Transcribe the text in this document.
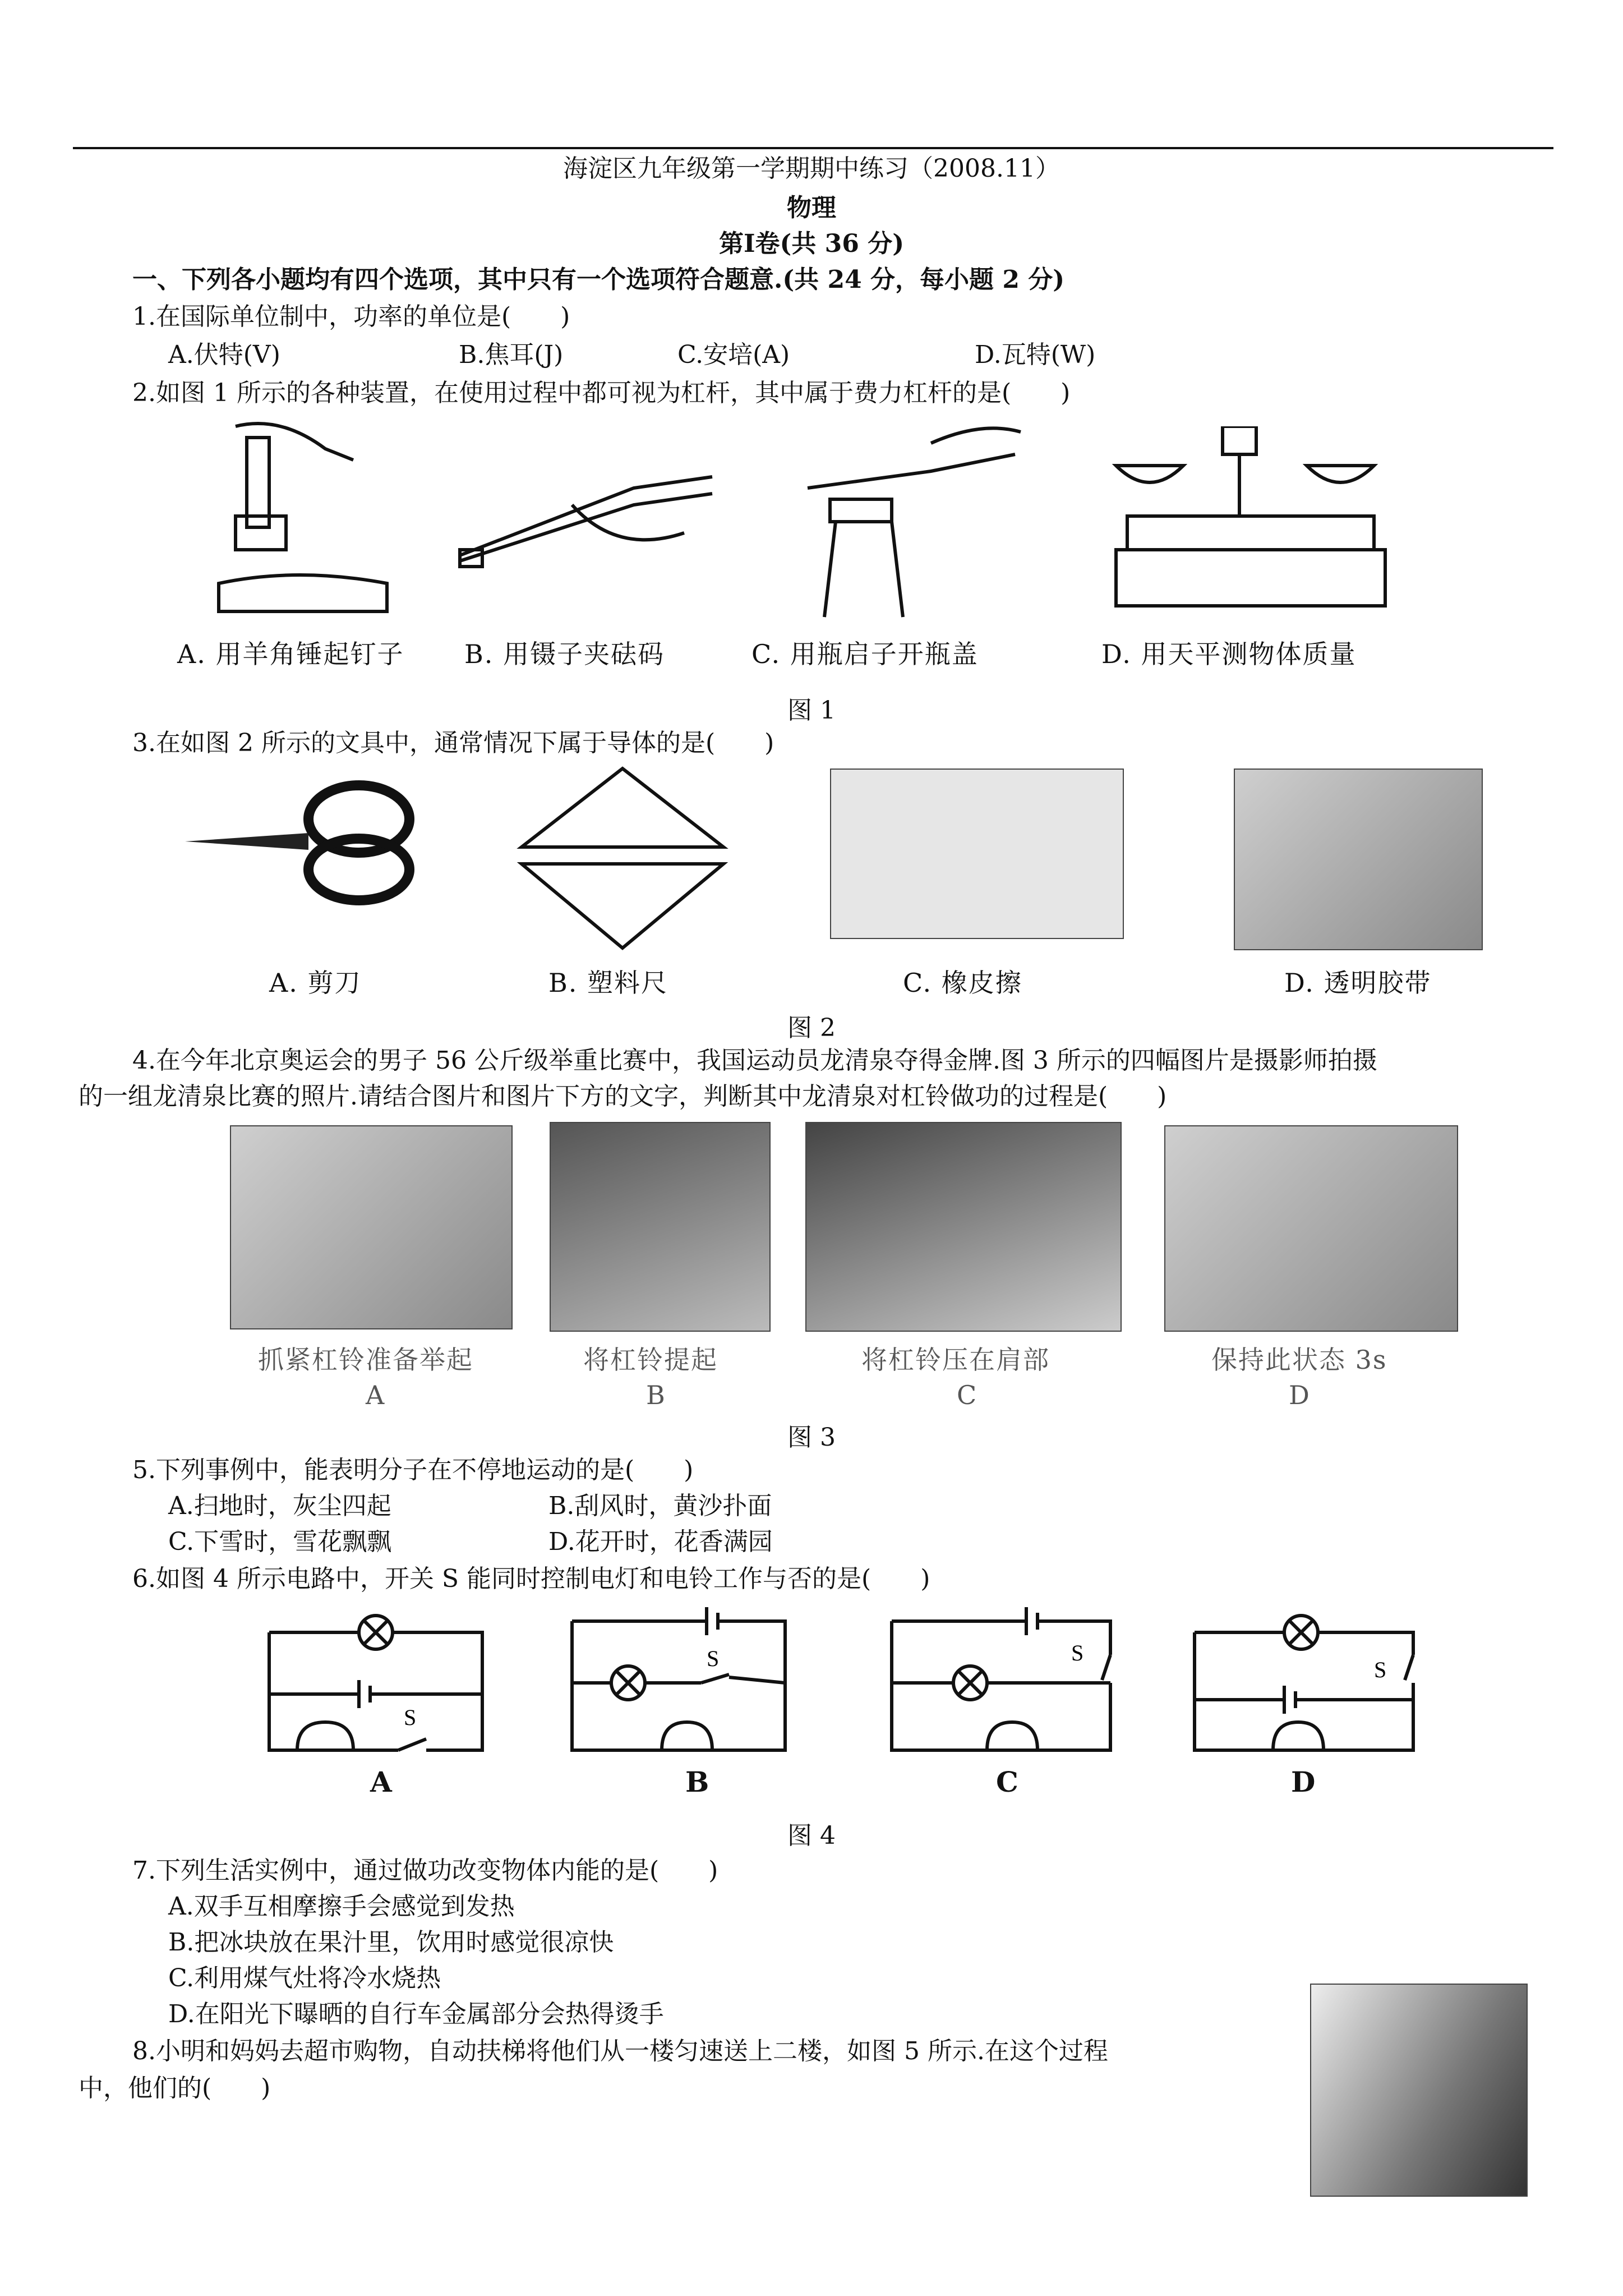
海淀区九年级第一学期期中练习（2008.11）
物理
第Ⅰ卷(共 36 分)
一、下列各小题均有四个选项，其中只有一个选项符合题意.(共 24 分，每小题 2 分)
1.在国际单位制中，功率的单位是(　　)
A.伏特(V)	B.焦耳(J)	C.安培(A)	D.瓦特(W)
2.如图 1 所示的各种装置，在使用过程中都可视为杠杆，其中属于费力杠杆的是(　　)
A. 用羊角锤起钉子 B. 用镊子夹砝码	C. 用瓶启子开瓶盖	D. 用天平测物体质量
图 1
3.在如图 2 所示的文具中，通常情况下属于导体的是(　　)
A. 剪刀	B. 塑料尺	C. 橡皮擦	D. 透明胶带
图 2
4.在今年北京奥运会的男子 56 公斤级举重比赛中，我国运动员龙清泉夺得金牌.图 3 所示的四幅图片是摄影师拍摄
的一组龙清泉比赛的照片.请结合图片和图片下方的文字，判断其中龙清泉对杠铃做功的过程是(　　)
抓紧杠铃准备举起	将杠铃提起	将杠铃压在肩部	保持此状态 3s
A	B	C	D
图 3
5.下列事例中，能表明分子在不停地运动的是(　　)
A.扫地时，灰尘四起	B.刮风时，黄沙扑面
C.下雪时，雪花飘飘	D.花开时，花香满园
6.如图 4 所示电路中，开关 S 能同时控制电灯和电铃工作与否的是(　　)
S
S	S
S
A	B	C	D
图 4
7.下列生活实例中，通过做功改变物体内能的是(　　)
A.双手互相摩擦手会感觉到发热
B.把冰块放在果汁里，饮用时感觉很凉快
C.利用煤气灶将冷水烧热
D.在阳光下曝晒的自行车金属部分会热得烫手
8.小明和妈妈去超市购物，自动扶梯将他们从一楼匀速送上二楼，如图 5 所示.在这个过程
中，他们的(　　)
